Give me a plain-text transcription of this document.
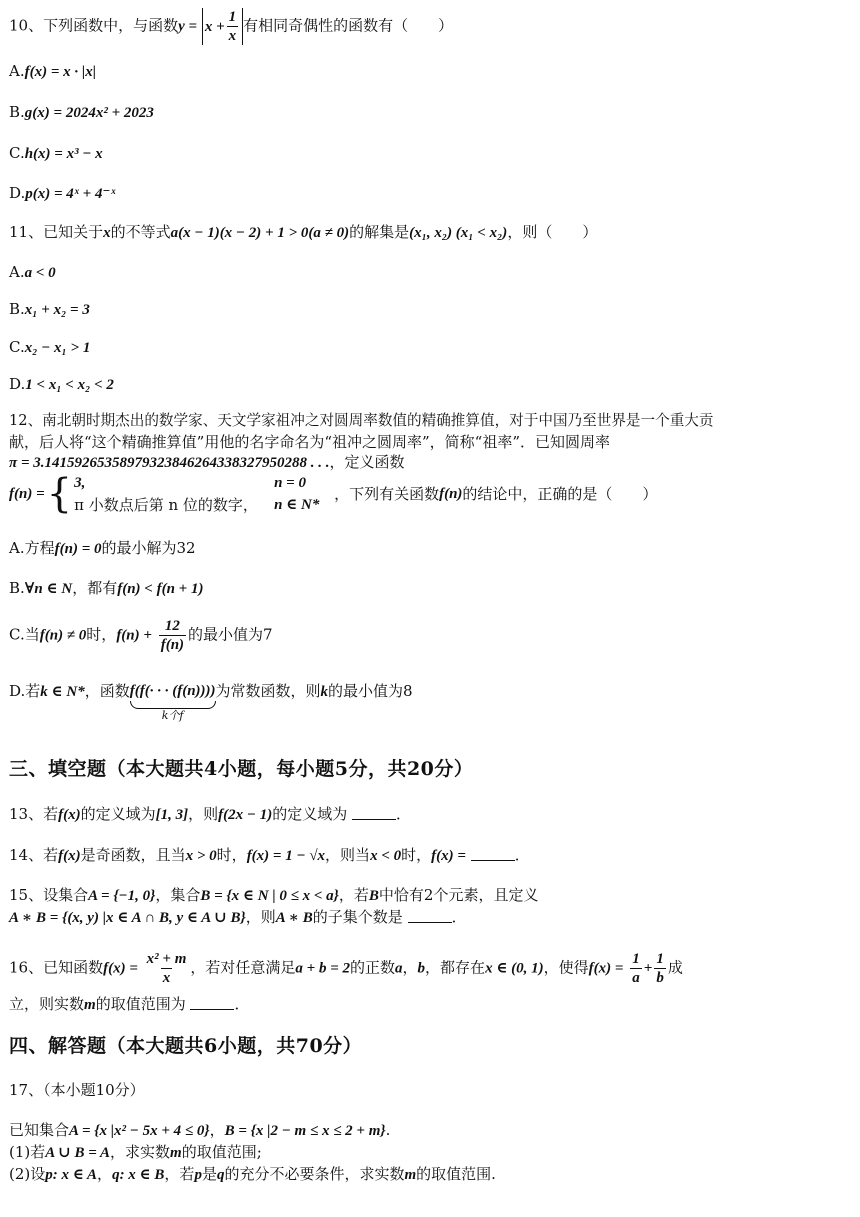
10、下列函数中，与函数$y = x + \frac{1}{x}$ 有相同奇偶性的函数有（　　）
A.f(x) = x · |x|
B.g(x) = 2024x² + 2023
C.h(x) = x³ − x
D.p(x) = 4ˣ + 4⁻ˣ
11、已知关于x的不等式a(x − 1)(x − 2) + 1 > 0(a ≠ 0)的解集是(x₁, x₂) (x₁ < x₂)，则（　　）
A.a < 0
B.x₁ + x₂ = 3
C.x₂ − x₁ > 1
D.1 < x₁ < x₂ < 2
12、南北朝时期杰出的数学家、天文学家祖冲之对圆周率数值的精确推算值，对于中国乃至世界是一个重大贡
献，后人将“这个精确推算值”用他的名字命名为“祖冲之圆周率”，简称“祖率”．已知圆周率
π = 3.14159265358979323846264338327950288 . . .，定义函数
f(n) = { 3,	n = 0
π 小数点后第 n 位的数字，	n ∈ N*
，下列有关函数 f(n) 的结论中，正确的是（　　）
A.方程f(n) = 0的最小解为32
B.∀n ∈ N，都有f(n) < f(n + 1)
C.当f(n) ≠ 0时，$f(n) + \frac{12}{f(n)}$ 的最小值为7
D.若k ∈ N*，函数 f(f(· · · (f(n))))
k个f
为常数函数，则k的最小值为8
三、填空题（本大题共4小题，每小题5分，共20分）
13、若f(x)的定义域为[1, 3]，则f(2x − 1)的定义域为	．
14、若f(x)是奇函数，且当x > 0时，f(x) = 1 − √x，则当x < 0时，f(x) =	．
15、设集合A = {−1, 0}，集合B = {x ∈ N | 0 ≤ x < a}，若B中恰有2个元素，且定义
A ∗ B = {(x, y) |x ∈ A ∩ B, y ∈ A ∪ B}，则A ∗ B的子集个数是	．
16、已知函数$f(x) = \frac{\text{x² + m}}{x}$ ，若对任意满足a + b = 2的正数a，b，都存在x ∈ (0, 1)，使得$f(x) = \frac{1}{a} + \frac{1}{b}$ 成
立，则实数m的取值范围为	．
四、解答题（本大题共6小题，共70分）
17、（本小题10分）
已知集合A = {x |x² − 5x + 4 ≤ 0}，B = {x |2 − m ≤ x ≤ 2 + m}.
(1)若A ∪ B = A，求实数m的取值范围;
(2)设p: x ∈ A，q: x ∈ B，若p是q的充分不必要条件，求实数m的取值范围.
